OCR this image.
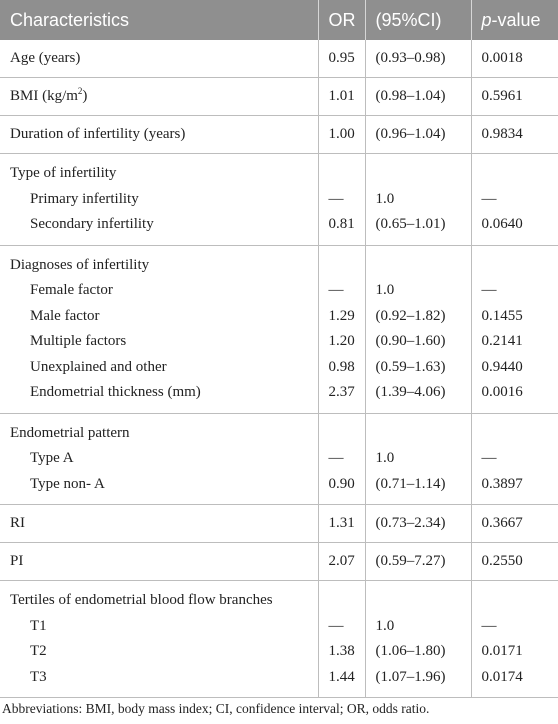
Characteristics	OR	(95%CI)	p-value
Age (years)	0.95	(0.93–0.98)	0.0018
BMI $(kg/m^2)$	1.01	(0.98–1.04)	0.5961
Duration of infertility (years)	1.00	(0.96–1.04)	0.9834
Type of infertility			
Primary infertility	—	1.0	—
Secondary infertility	0.81	(0.65–1.01)	0.0640
Diagnoses of infertility			
Female factor	—	1.0	—
Male factor	1.29	(0.92–1.82)	0.1455
Multiple factors	1.20	(0.90–1.60)	0.2141
Unexplained and other	0.98	(0.59–1.63)	0.9440
Endometrial thickness (mm)	2.37	(1.39–4.06)	0.0016
Endometrial pattern			
Type A	—	1.0	—
Type non- A	0.90	(0.71–1.14)	0.3897
RI	1.31	(0.73–2.34)	0.3667
PI	2.07	(0.59–7.27)	0.2550
Tertiles of endometrial blood flow branches			
T1	—	1.0	—
T2	1.38	(1.06–1.80)	0.0171
T3	1.44	(1.07–1.96)	0.0174
Abbreviations: BMI, body mass index; CI, confidence interval; OR, odds ratio.
